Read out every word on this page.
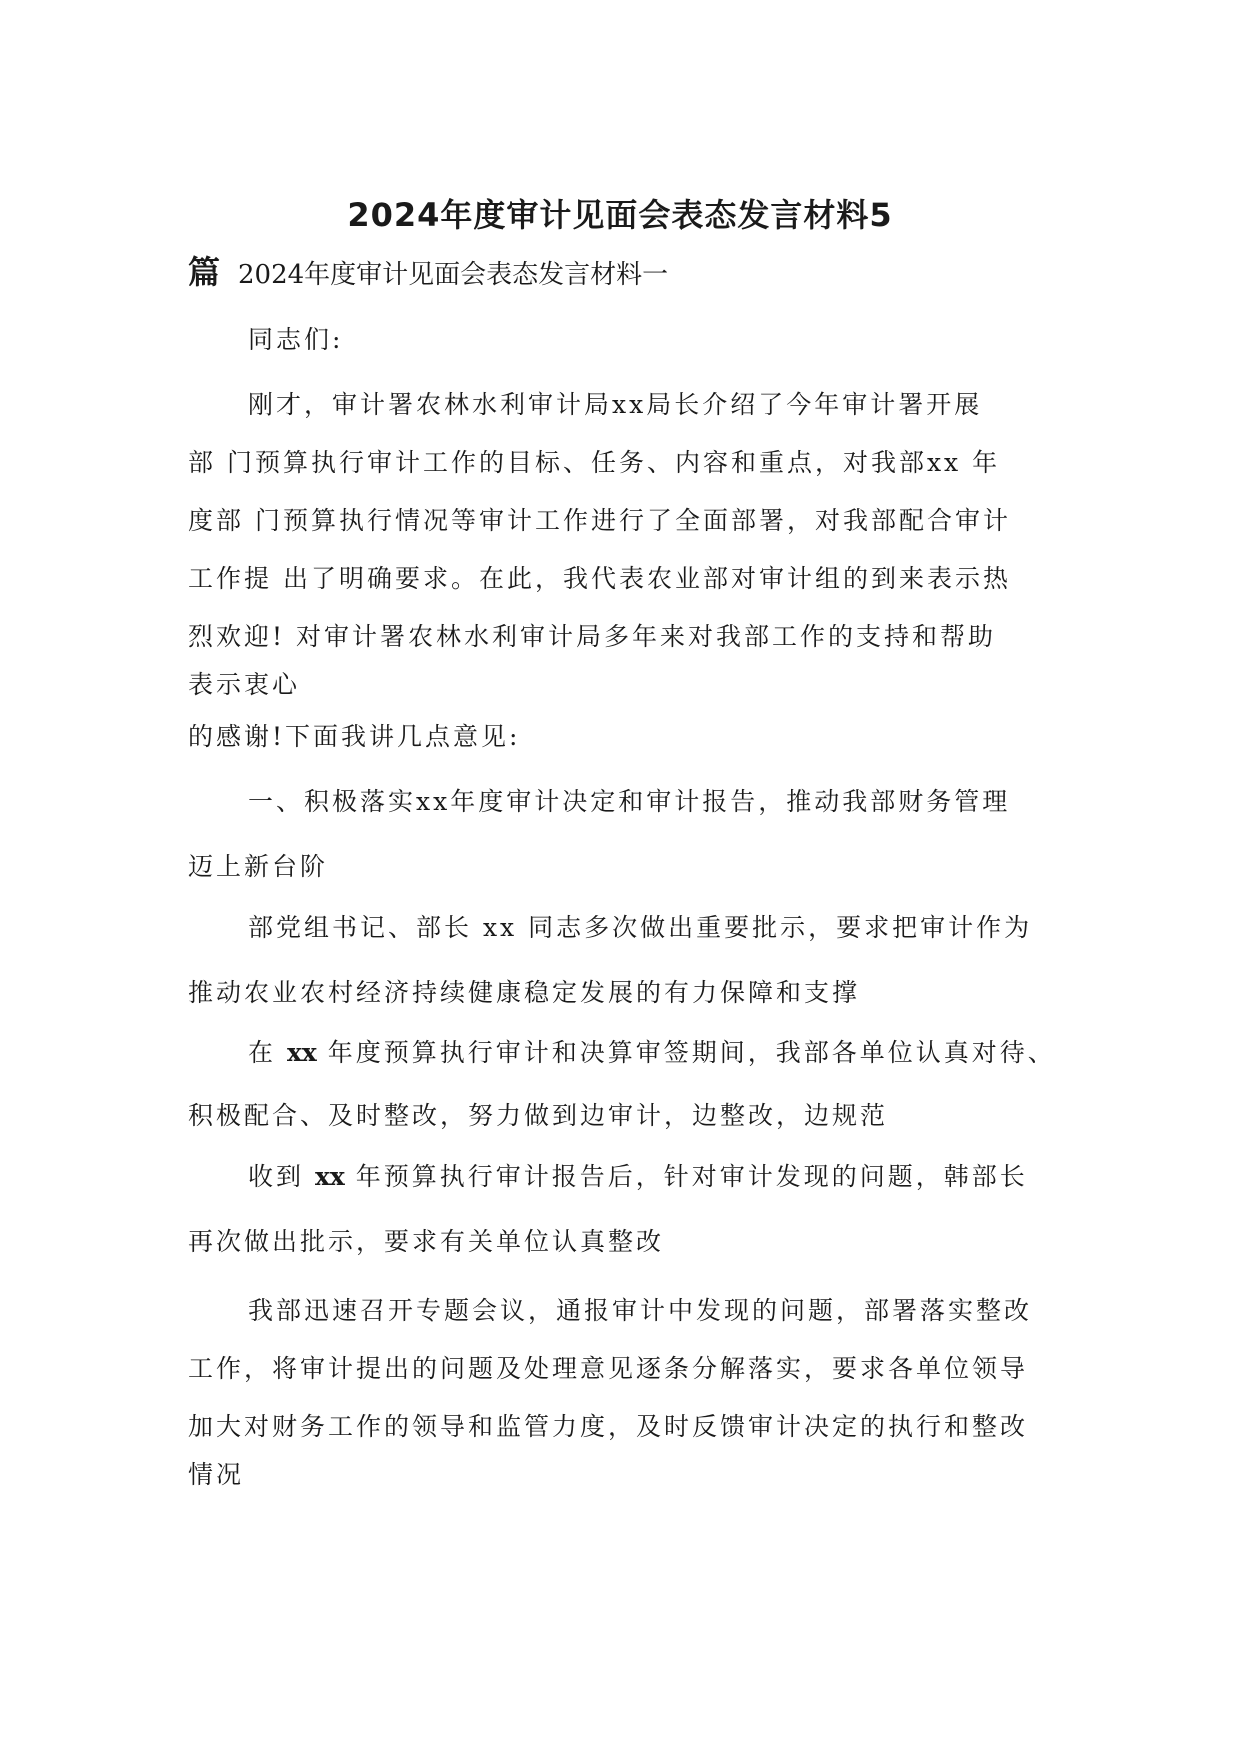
2024年度审计见面会表态发言材料5
篇 2024年度审计见面会表态发言材料一
同志们:
刚才，审计署农林水利审计局xx局长介绍了今年审计署开展
部 门预算执行审计工作的目标、任务、内容和重点，对我部xx 年
度部 门预算执行情况等审计工作进行了全面部署，对我部配合审计
工作提 出了明确要求。在此，我代表农业部对审计组的到来表示热
烈欢迎! 对审计署农林水利审计局多年来对我部工作的支持和帮助
表示衷心
的感谢!下面我讲几点意见:
一、积极落实xx年度审计决定和审计报告，推动我部财务管理
迈上新台阶
部党组书记、部长 xx 同志多次做出重要批示，要求把审计作为
推动农业农村经济持续健康稳定发展的有力保障和支撑
在 xx 年度预算执行审计和决算审签期间，我部各单位认真对待、
积极配合、及时整改，努力做到边审计，边整改，边规范
收到 xx 年预算执行审计报告后，针对审计发现的问题，韩部长
再次做出批示，要求有关单位认真整改
我部迅速召开专题会议，通报审计中发现的问题，部署落实整改
工作，将审计提出的问题及处理意见逐条分解落实，要求各单位领导
加大对财务工作的领导和监管力度，及时反馈审计决定的执行和整改
情况
